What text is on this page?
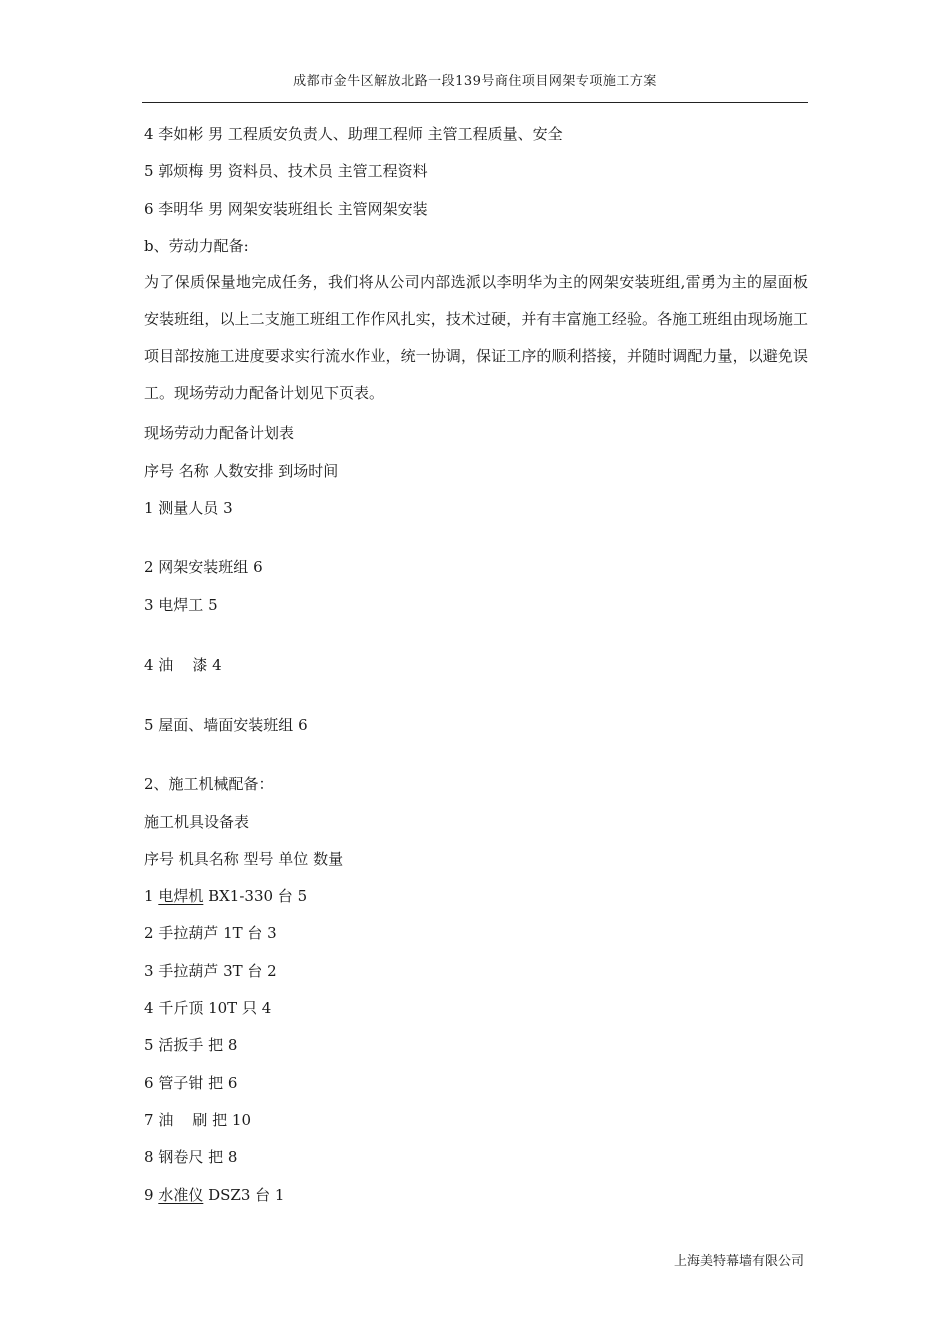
成都市金牛区解放北路一段139号商住项目网架专项施工方案
4 李如彬 男 工程质安负责人、助理工程师 主管工程质量、安全
5 郭烦梅 男 资料员、技术员 主管工程资料
6 李明华 男 网架安装班组长 主管网架安装
b、劳动力配备:
为了保质保量地完成任务，我们将从公司内部选派以李明华为主的网架安装班组,雷勇为主的屋面板安装班组，以上二支施工班组工作作风扎实，技术过硬，并有丰富施工经验。各施工班组由现场施工项目部按施工进度要求实行流水作业，统一协调，保证工序的顺利搭接，并随时调配力量，以避免误工。现场劳动力配备计划见下页表。
现场劳动力配备计划表
序号 名称 人数安排 到场时间
1 测量人员 3
2 网架安装班组 6
3 电焊工 5
4 油    漆 4
5 屋面、墙面安装班组 6
2、施工机械配备：
施工机具设备表
序号 机具名称 型号 单位 数量
1 电焊机 BX1-330 台 5
2 手拉葫芦 1T 台 3
3 手拉葫芦 3T 台 2
4 千斤顶 10T 只 4
5 活扳手 把 8
6 管子钳 把 6
7 油    刷 把 10
8 钢卷尺 把 8
9 水准仪 DSZ3 台 1
上海美特幕墙有限公司
